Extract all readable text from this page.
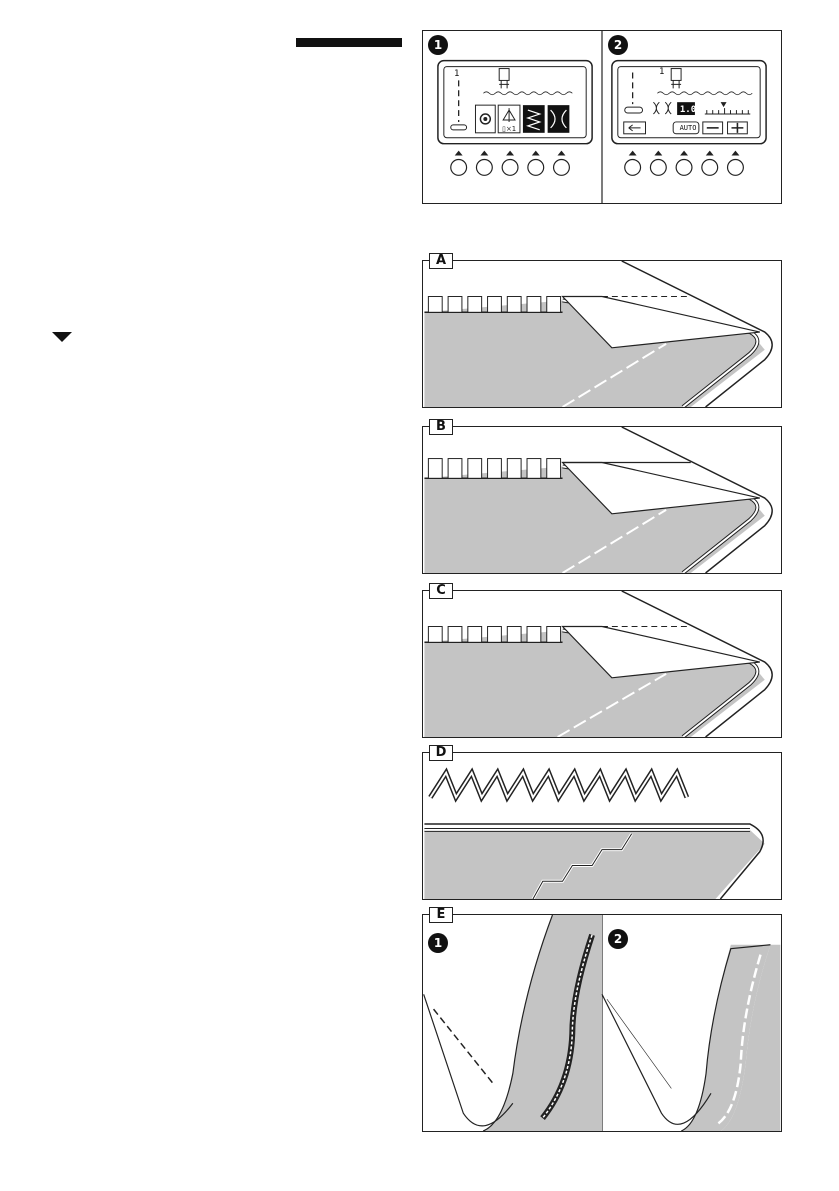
▯×1
1	2
1	1
1.0
AUTO
A
B
C
D
E
1	2
